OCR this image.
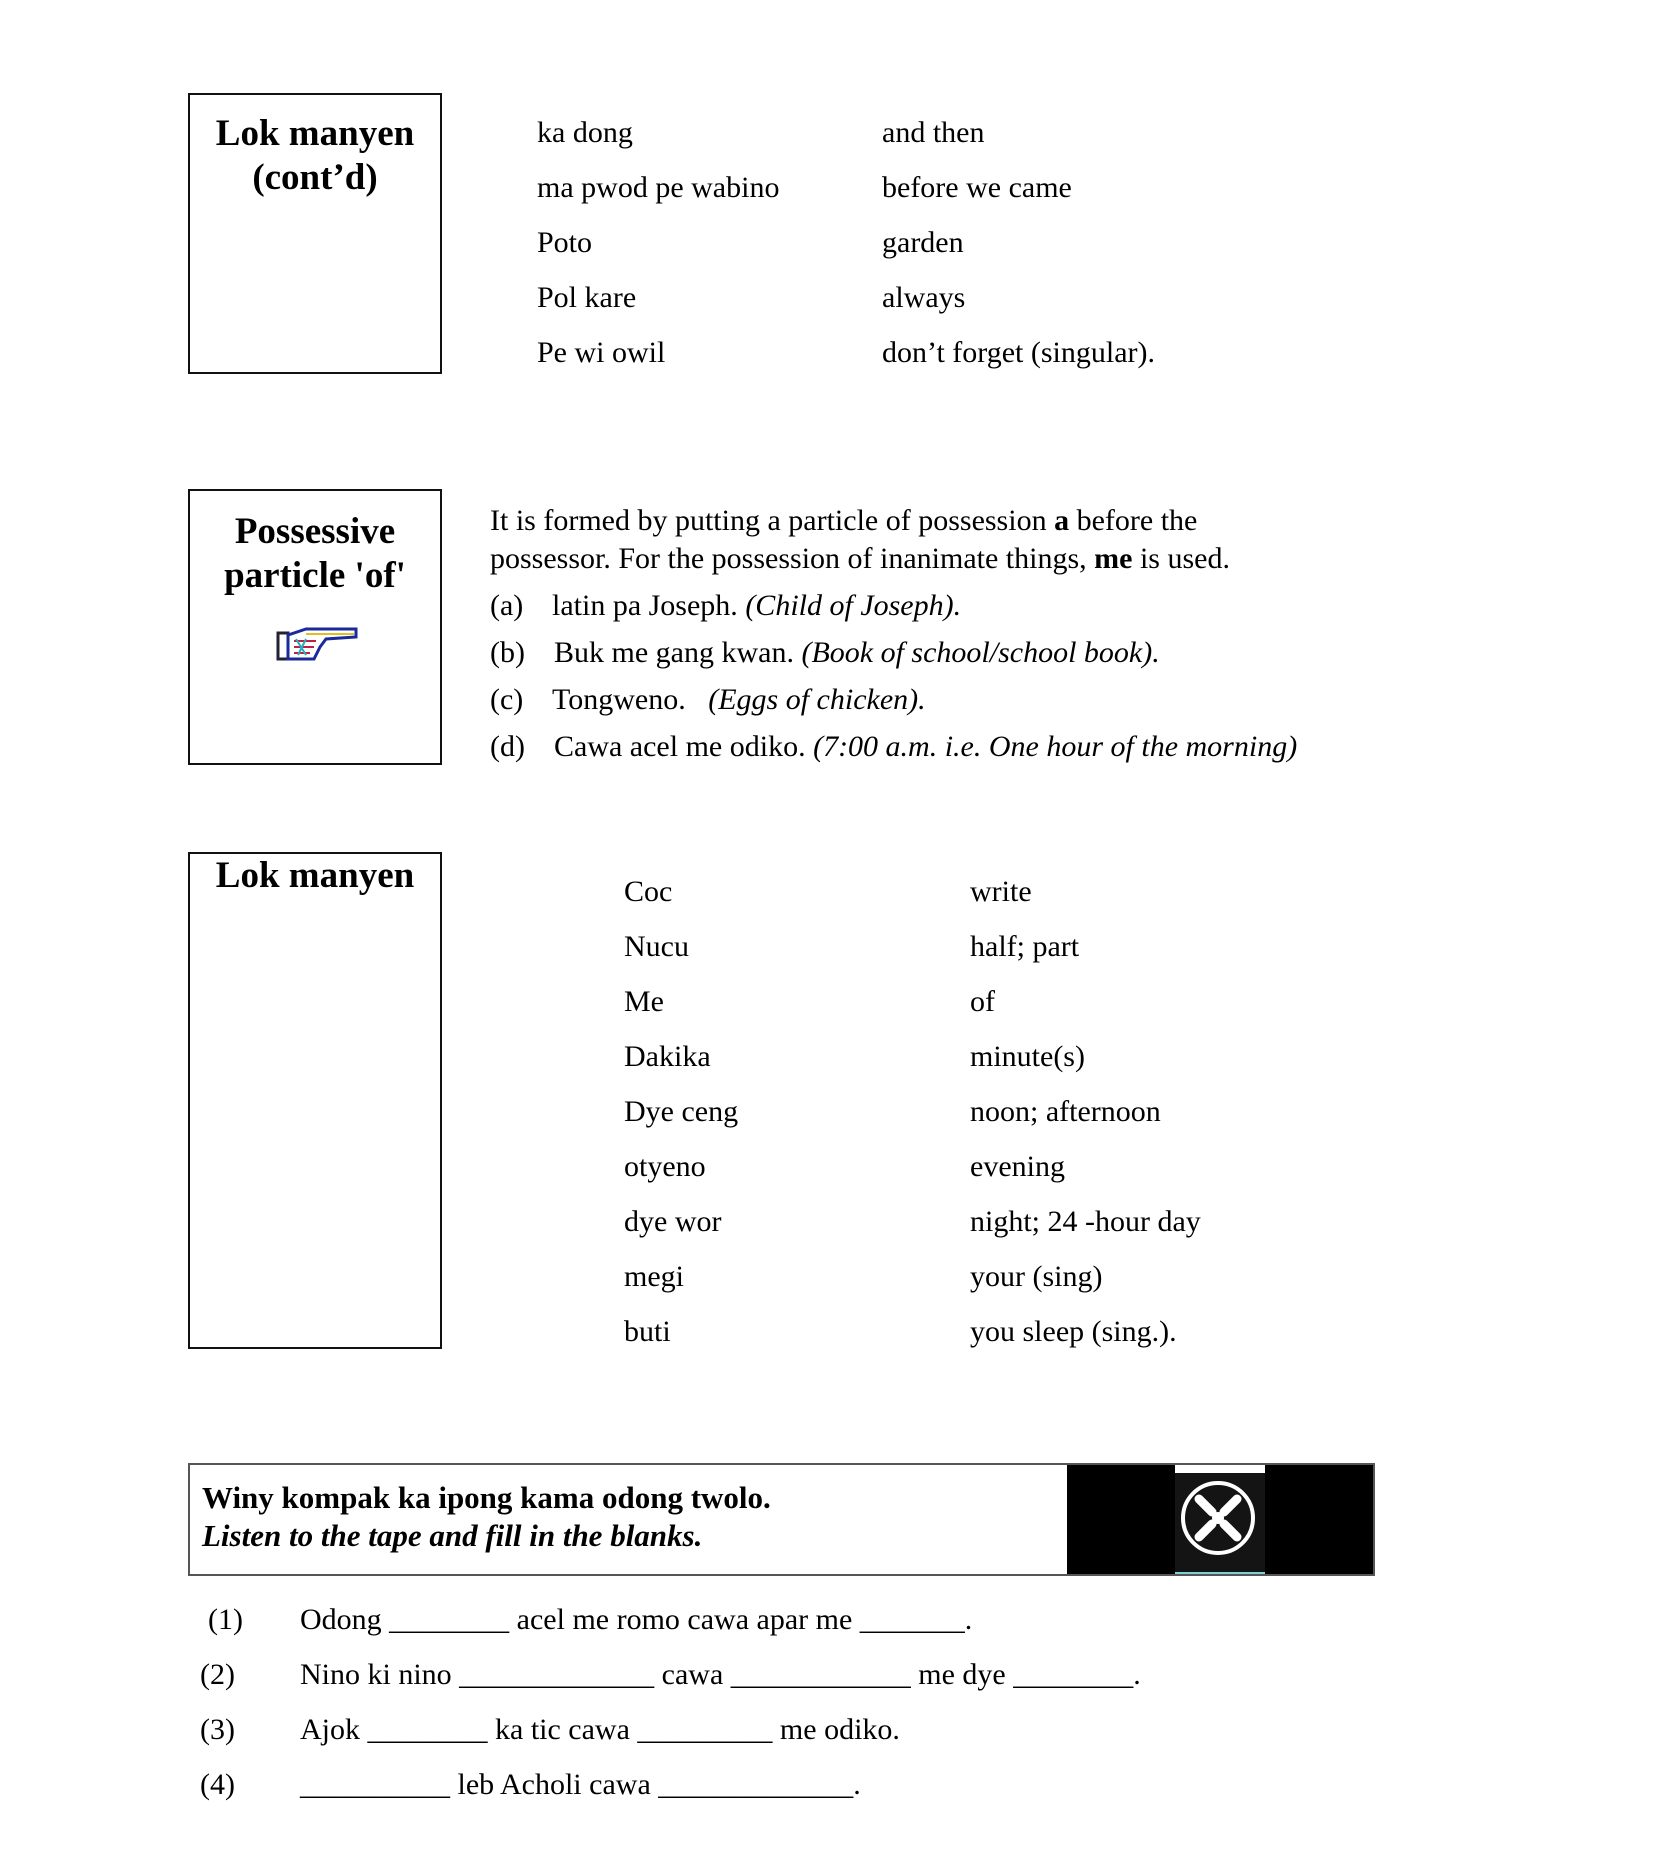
Lok manyen
(cont’d)
ka dong	and then
ma pwod pe wabino	before we came
Poto	garden
Pol kare	always
Pe wi owil	don’t forget (singular).
Possessive
particle 'of'
It is formed by putting a particle of possession a before the
possessor. For the possession of inanimate things, me is used.
(a) latin pa Joseph. (Child of Joseph).
(b) Buk me gang kwan. (Book of school/school book).
(c) Tongweno.   (Eggs of chicken).
(d) Cawa acel me odiko. (7:00 a.m. i.e. One hour of the morning)
Lok manyen	Coc	write
Nucu	half; part
Me	of
Dakika	minute(s)
Dye ceng	noon; afternoon
otyeno	evening
dye wor	night; 24 -hour day
megi	your (sing)
buti	you sleep (sing.).
Winy kompak ka ipong kama odong twolo.
Listen to the tape and fill in the blanks.
(1) Odong ________ acel me romo cawa apar me _______.
(2) Nino ki nino _____________ cawa ____________ me dye ________.
(3) Ajok ________ ka tic cawa _________ me odiko.
(4) __________ leb Acholi cawa _____________.
